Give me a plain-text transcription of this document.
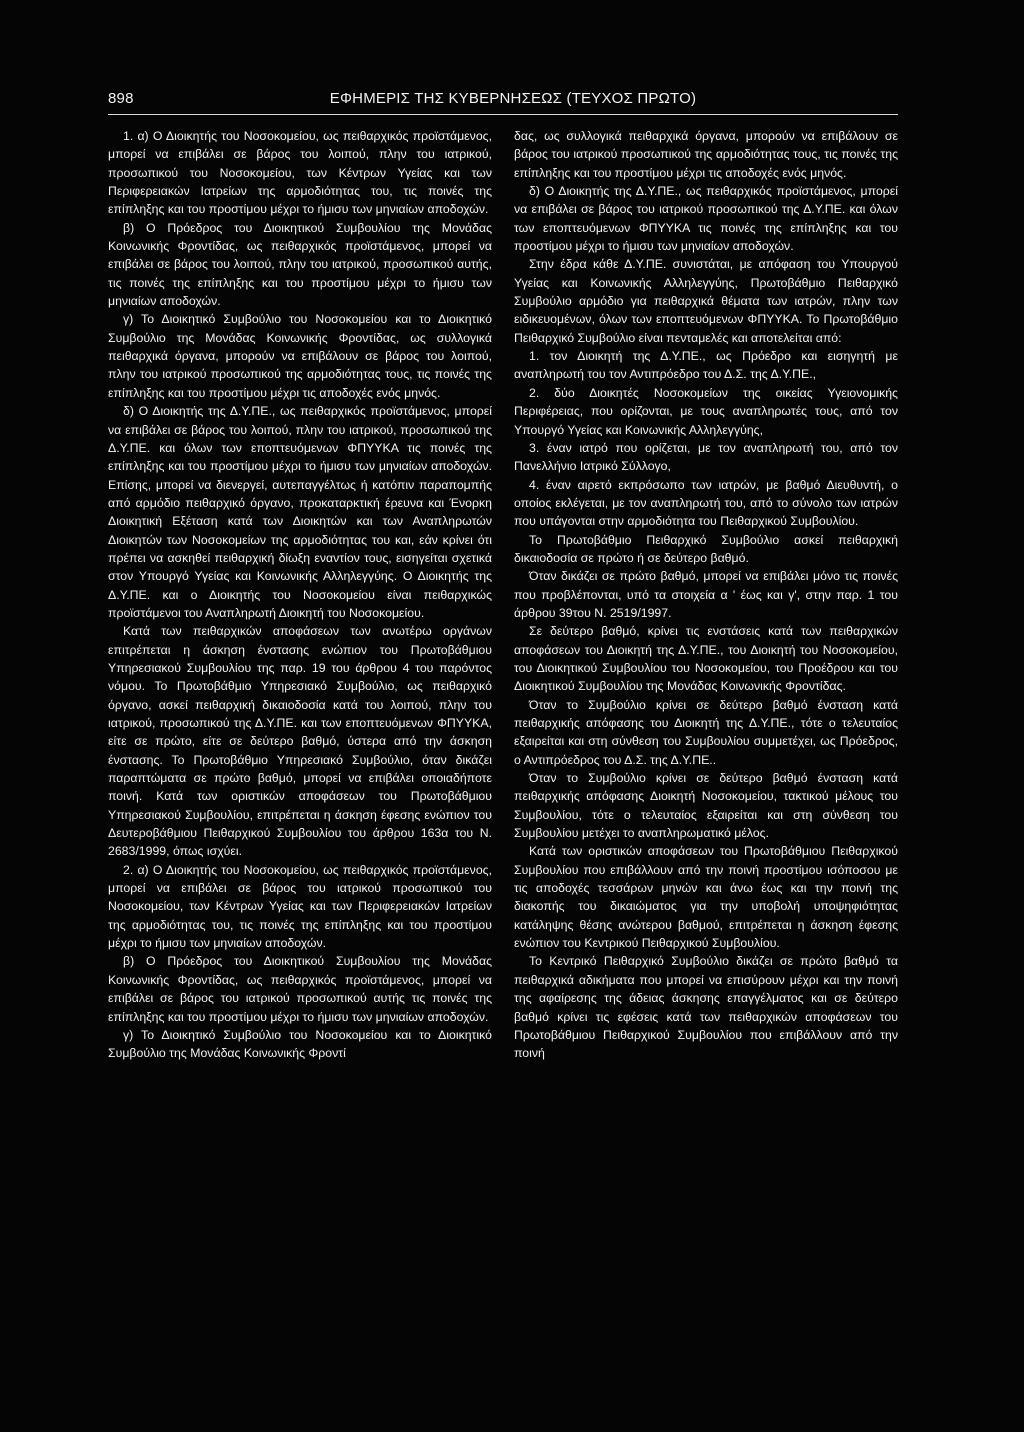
898	ΕΦΗΜΕΡΙΣ ΤΗΣ ΚΥΒΕΡΝΗΣΕΩΣ (ΤΕΥΧΟΣ ΠΡΩΤΟ)

1. α) Ο Διοικητής του Νοσοκομείου, ως πειθαρχικός προϊστάμενος, μπορεί να επιβάλει σε βάρος του λοιπού, πλην του ιατρικού, προσωπικού του Νοσοκομείου, των Κέντρων Υγείας και των Περιφερειακών Ιατρείων της αρμοδιότητας του, τις ποινές της επίπληξης και του προστίμου μέχρι το ήμισυ των μηνιαίων αποδοχών.

β) Ο Πρόεδρος του Διοικητικού Συμβουλίου της Μονάδας Κοινωνικής Φροντίδας, ως πειθαρχικός προϊστάμενος, μπορεί να επιβάλει σε βάρος του λοιπού, πλην του ιατρικού, προσωπικού αυτής, τις ποινές της επίπληξης και του προστίμου μέχρι το ήμισυ των μηνιαίων αποδοχών.

γ) Το Διοικητικό Συμβούλιο του Νοσοκομείου και το Διοικητικό Συμβούλιο της Μονάδας Κοινωνικής Φροντίδας, ως συλλογικά πειθαρχικά όργανα, μπορούν να επιβάλουν σε βάρος του λοιπού, πλην του ιατρικού προσωπικού της αρμοδιότητας τους, τις ποινές της επίπληξης και του προστίμου μέχρι τις αποδοχές ενός μηνός.

δ) Ο Διοικητής της Δ.Υ.ΠΕ., ως πειθαρχικός προϊστάμενος, μπορεί να επιβάλει σε βάρος του λοιπού, πλην του ιατρικού, προσωπικού της Δ.Υ.ΠΕ. και όλων των εποπτευόμενων ΦΠΥΥΚΑ τις ποινές της επίπληξης και του προστίμου μέχρι το ήμισυ των μηνιαίων αποδοχών. Επίσης, μπορεί να διενεργεί, αυτεπαγγέλτως ή κατόπιν παραπομπής από αρμόδιο πειθαρχικό όργανο, προκαταρκτική έρευνα και Ένορκη Διοικητική Εξέταση κατά των Διοικητών και των Αναπληρωτών Διοικητών των Νοσοκομείων της αρμοδιότητας του και, εάν κρίνει ότι πρέπει να ασκηθεί πειθαρχική δίωξη εναντίον τους, εισηγείται σχετικά στον Υπουργό Υγείας και Κοινωνικής Αλληλεγγύης. Ο Διοικητής της Δ.Υ.ΠΕ. και ο Διοικητής του Νοσοκομείου είναι πειθαρχικώς προϊστάμενοι του Αναπληρωτή Διοικητή του Νοσοκομείου.

Κατά των πειθαρχικών αποφάσεων των ανωτέρω οργάνων επιτρέπεται η άσκηση ένστασης ενώπιον του Πρωτοβάθμιου Υπηρεσιακού Συμβουλίου της παρ. 19 του άρθρου 4 του παρόντος νόμου. Το Πρωτοβάθμιο Υπηρεσιακό Συμβούλιο, ως πειθαρχικό όργανο, ασκεί πειθαρχική δικαιοδοσία κατά του λοιπού, πλην του ιατρικού, προσωπικού της Δ.Υ.ΠΕ. και των εποπτευόμενων ΦΠΥΥΚΑ, είτε σε πρώτο, είτε σε δεύτερο βαθμό, ύστερα από την άσκηση ένστασης. Το Πρωτοβάθμιο Υπηρεσιακό Συμβούλιο, όταν δικάζει παραπτώματα σε πρώτο βαθμό, μπορεί να επιβάλει οποιαδήποτε ποινή. Κατά των οριστικών αποφάσεων του Πρωτοβάθμιου Υπηρεσιακού Συμβουλίου, επιτρέπεται η άσκηση έφεσης ενώπιον του Δευτεροβάθμιου Πειθαρχικού Συμβουλίου του άρθρου 163α του Ν. 2683/1999, όπως ισχύει.

2. α) Ο Διοικητής του Νοσοκομείου, ως πειθαρχικός προϊστάμενος, μπορεί να επιβάλει σε βάρος του ιατρικού προσωπικού του Νοσοκομείου, των Κέντρων Υγείας και των Περιφερειακών Ιατρείων της αρμοδιότητας του, τις ποινές της επίπληξης και του προστίμου μέχρι το ήμισυ των μηνιαίων αποδοχών.

β) Ο Πρόεδρος του Διοικητικού Συμβουλίου της Μονάδας Κοινωνικής Φροντίδας, ως πειθαρχικός προϊστάμενος, μπορεί να επιβάλει σε βάρος του ιατρικού προσωπικού αυτής τις ποινές της επίπληξης και του προστίμου μέχρι το ήμισυ των μηνιαίων αποδοχών.

γ) Το Διοικητικό Συμβούλιο του Νοσοκομείου και το Διοικητικό Συμβούλιο της Μονάδας Κοινωνικής Φροντί

δας, ως συλλογικά πειθαρχικά όργανα, μπορούν να επιβάλουν σε βάρος του ιατρικού προσωπικού της αρμοδιότητας τους, τις ποινές της επίπληξης και του προστίμου μέχρι τις αποδοχές ενός μηνός.

δ) Ο Διοικητής της Δ.Υ.ΠΕ., ως πειθαρχικός προϊστάμενος, μπορεί να επιβάλει σε βάρος του ιατρικού προσωπικού της Δ.Υ.ΠΕ. και όλων των εποπτευόμενων ΦΠΥΥΚΑ τις ποινές της επίπληξης και του προστίμου μέχρι το ήμισυ των μηνιαίων αποδοχών.

Στην έδρα κάθε Δ.Υ.ΠΕ. συνιστάται, με απόφαση του Υπουργού Υγείας και Κοινωνικής Αλληλεγγύης, Πρωτοβάθμιο Πειθαρχικό Συμβούλιο αρμόδιο για πειθαρχικά θέματα των ιατρών, πλην των ειδικευομένων, όλων των εποπτευόμενων ΦΠΥΥΚΑ. Το Πρωτοβάθμιο Πειθαρχικό Συμβούλιο είναι πενταμελές και αποτελείται από:

1. τον Διοικητή της Δ.Υ.ΠΕ., ως Πρόεδρο και εισηγητή με αναπληρωτή του τον Αντιπρόεδρο του Δ.Σ. της Δ.Υ.ΠΕ.,

2. δύο Διοικητές Νοσοκομείων της οικείας Υγειονομικής Περιφέρειας, που ορίζονται, με τους αναπληρωτές τους, από τον Υπουργό Υγείας και Κοινωνικής Αλληλεγγύης,

3. έναν ιατρό που ορίζεται, με τον αναπληρωτή του, από τον Πανελλήνιο Ιατρικό Σύλλογο,

4. έναν αιρετό εκπρόσωπο των ιατρών, με βαθμό Διευθυντή, ο οποίος εκλέγεται, με τον αναπληρωτή του, από το σύνολο των ιατρών που υπάγονται στην αρμοδιότητα του Πειθαρχικού Συμβουλίου.

Το Πρωτοβάθμιο Πειθαρχικό Συμβούλιο ασκεί πειθαρχική δικαιοδοσία σε πρώτο ή σε δεύτερο βαθμό.

Όταν δικάζει σε πρώτο βαθμό, μπορεί να επιβάλει μόνο τις ποινές που προβλέπονται, υπό τα στοιχεία α ' έως και γ', στην παρ. 1 του άρθρου 39του Ν. 2519/1997.

Σε δεύτερο βαθμό, κρίνει τις ενστάσεις κατά των πειθαρχικών αποφάσεων του Διοικητή της Δ.Υ.ΠΕ., του Διοικητή του Νοσοκομείου, του Διοικητικού Συμβουλίου του Νοσοκομείου, του Προέδρου και του Διοικητικού Συμβουλίου της Μονάδας Κοινωνικής Φροντίδας.

Όταν το Συμβούλιο κρίνει σε δεύτερο βαθμό ένσταση κατά πειθαρχικής απόφασης του Διοικητή της Δ.Υ.ΠΕ., τότε ο τελευταίος εξαιρείται και στη σύνθεση του Συμβουλίου συμμετέχει, ως Πρόεδρος, ο Αντιπρόεδρος του Δ.Σ. της Δ.Υ.ΠΕ..

Όταν το Συμβούλιο κρίνει σε δεύτερο βαθμό ένσταση κατά πειθαρχικής απόφασης Διοικητή Νοσοκομείου, τακτικού μέλους του Συμβουλίου, τότε ο τελευταίος εξαιρείται και στη σύνθεση του Συμβουλίου μετέχει το αναπληρωματικό μέλος.

Κατά των οριστικών αποφάσεων του Πρωτοβάθμιου Πειθαρχικού Συμβουλίου που επιβάλλουν από την ποινή προστίμου ισόποσου με τις αποδοχές τεσσάρων μηνών και άνω έως και την ποινή της διακοπής του δικαιώματος για την υποβολή υποψηφιότητας κατάληψης θέσης ανώτερου βαθμού, επιτρέπεται η άσκηση έφεσης ενώπιον του Κεντρικού Πειθαρχικού Συμβουλίου.

Το Κεντρικό Πειθαρχικό Συμβούλιο δικάζει σε πρώτο βαθμό τα πειθαρχικά αδικήματα που μπορεί να επισύρουν μέχρι και την ποινή της αφαίρεσης της άδειας άσκησης επαγγέλματος και σε δεύτερο βαθμό κρίνει τις εφέσεις κατά των πειθαρχικών αποφάσεων του Πρωτοβάθμιου Πειθαρχικού Συμβουλίου που επιβάλλουν από την ποινή
